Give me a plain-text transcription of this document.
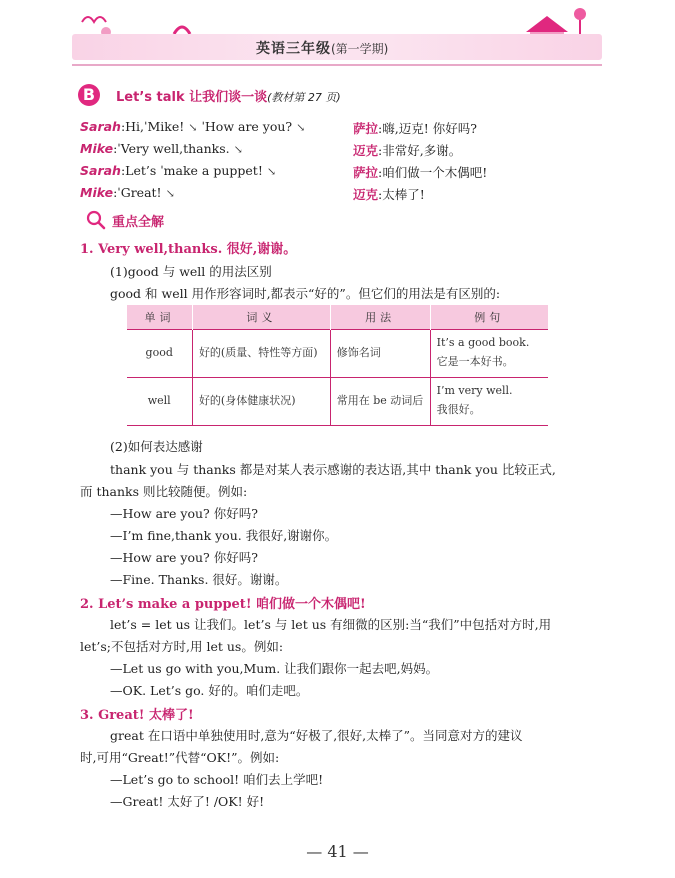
英语三年级(第一学期)
B	Let’s talk 让我们谈一谈(教材第 27 页)
Sarah:Hi,ˈMike! ↘ ˈHow are you? ↘
Mike:ˈVery well,thanks. ↘
Sarah:Let’s ˈmake a puppet! ↘
Mike:ˈGreat! ↘
萨拉:嗨,迈克! 你好吗?
迈克:非常好,多谢。
萨拉:咱们做一个木偶吧!
迈克:太棒了!
重点全解
1. Very well,thanks. 很好,谢谢。
(1)good 与 well 的用法区别
good 和 well 用作形容词时,都表示“好的”。但它们的用法是有区别的:
单词	词义	用法	例句
good	好的(质量、特性等方面)	修饰名词	It’s a good book.
它是一本好书。

well	好的(身体健康状况)	常用在 be 动词后	I’m very well.
我很好。
(2)如何表达感谢
thank you 与 thanks 都是对某人表示感谢的表达语,其中 thank you 比较正式,
而 thanks 则比较随便。例如:
—How are you? 你好吗?
—I’m fine,thank you. 我很好,谢谢你。
—How are you? 你好吗?
—Fine. Thanks. 很好。谢谢。
2. Let’s make a puppet! 咱们做一个木偶吧!
let’s = let us 让我们。let’s 与 let us 有细微的区别:当“我们”中包括对方时,用
let’s;不包括对方时,用 let us。例如:
—Let us go with you,Mum. 让我们跟你一起去吧,妈妈。
—OK. Let’s go. 好的。咱们走吧。
3. Great! 太棒了!
great 在口语中单独使用时,意为“好极了,很好,太棒了”。当同意对方的建议
时,可用“Great!”代替“OK!”。例如:
—Let’s go to school! 咱们去上学吧!
—Great! 太好了! /OK! 好!
— 41 —
